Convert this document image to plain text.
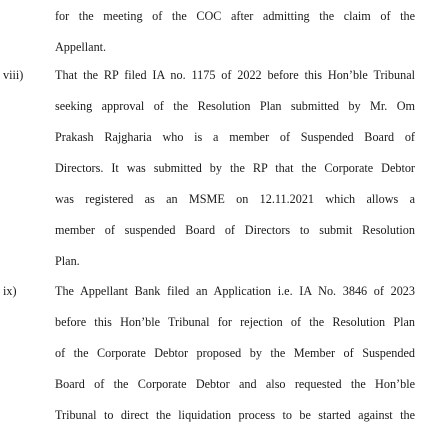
for the meeting of the COC after admitting the claim of the
Appellant.
viii)	That the RP filed IA no. 1175 of 2022 before this Hon’ble Tribunal
seeking approval of the Resolution Plan submitted by Mr. Om
Prakash Rajgharia who is a member of Suspended Board of
Directors. It was submitted by the RP that the Corporate Debtor
was registered as an MSME on 12.11.2021 which allows a
member of suspended Board of Directors to submit Resolution
Plan.
ix)	The Appellant Bank filed an Application i.e. IA No. 3846 of 2023
before this Hon’ble Tribunal for rejection of the Resolution Plan
of the Corporate Debtor proposed by the Member of Suspended
Board of the Corporate Debtor and also requested the Hon’ble
Tribunal to direct the liquidation process to be started against the
